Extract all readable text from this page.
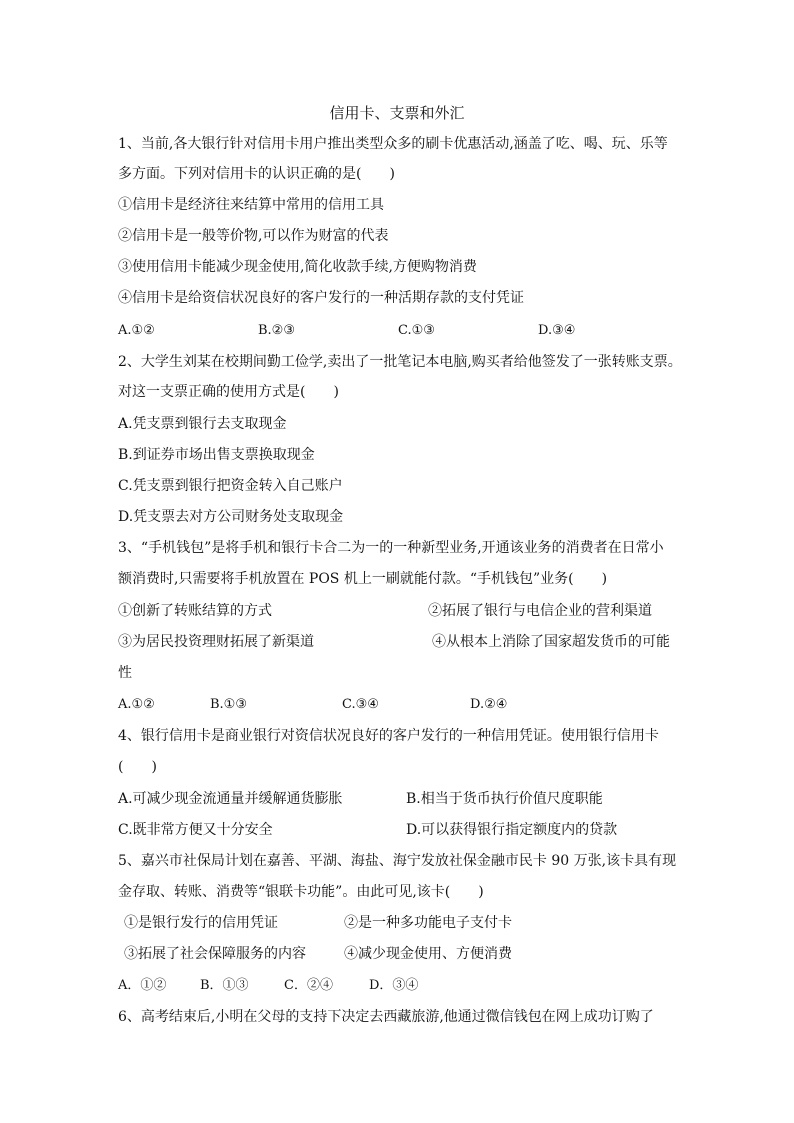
信用卡、支票和外汇
1、当前,各大银行针对信用卡用户推出类型众多的刷卡优惠活动,涵盖了吃、喝、玩、乐等
多方面。下列对信用卡的认识正确的是(　　)
①信用卡是经济往来结算中常用的信用工具
②信用卡是一般等价物,可以作为财富的代表
③使用信用卡能减少现金使用,简化收款手续,方便购物消费
④信用卡是给资信状况良好的客户发行的一种活期存款的支付凭证
A.①②	B.②③	C.①③	D.③④
2、大学生刘某在校期间勤工俭学,卖出了一批笔记本电脑,购买者给他签发了一张转账支票。
对这一支票正确的使用方式是(　　)
A.凭支票到银行去支取现金
B.到证券市场出售支票换取现金
C.凭支票到银行把资金转入自己账户
D.凭支票去对方公司财务处支取现金
3、“手机钱包”是将手机和银行卡合二为一的一种新型业务,开通该业务的消费者在日常小
额消费时,只需要将手机放置在 POS 机上一刷就能付款。“手机钱包”业务(　　)
①创新了转账结算的方式	②拓展了银行与电信企业的营利渠道
③为居民投资理财拓展了新渠道	④从根本上消除了国家超发货币的可能
性
A.①②	B.①③	C.③④	D.②④
4、银行信用卡是商业银行对资信状况良好的客户发行的一种信用凭证。使用银行信用卡
(　　)
A.可减少现金流通量并缓解通货膨胀	B.相当于货币执行价值尺度职能
C.既非常方便又十分安全	D.可以获得银行指定额度内的贷款
5、嘉兴市社保局计划在嘉善、平湖、海盐、海宁发放社保金融市民卡 90 万张,该卡具有现
金存取、转账、消费等“银联卡功能”。由此可见,该卡(　　)
①是银行发行的信用凭证	②是一种多功能电子支付卡
③拓展了社会保障服务的内容	④减少现金使用、方便消费
A．①②	B．①③	C．②④	D．③④
6、高考结束后,小明在父母的支持下决定去西藏旅游,他通过微信钱包在网上成功订购了
